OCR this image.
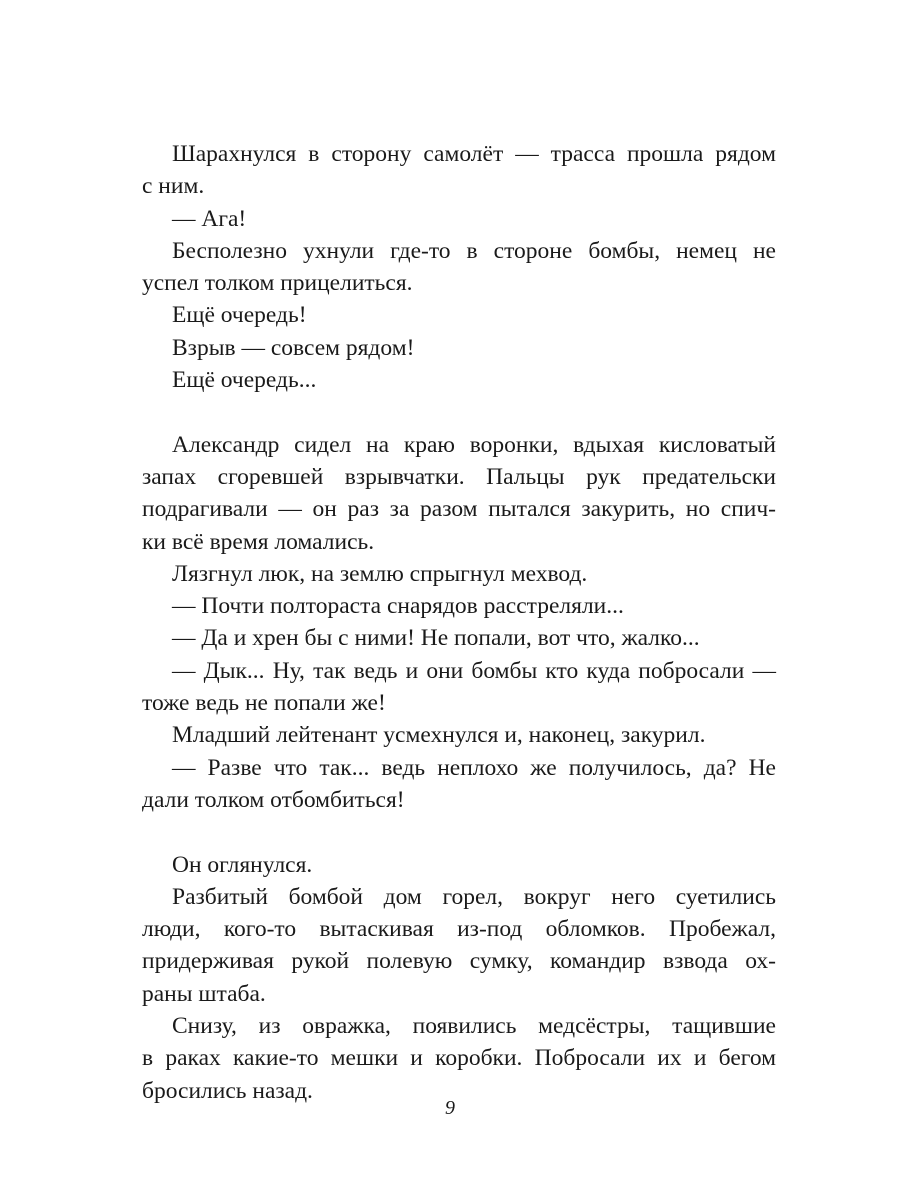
Шарахнулся в сторону самолёт — трасса прошла рядом
с ним.
— Ага!
Бесполезно ухнули где-то в стороне бомбы, немец не
успел толком прицелиться.
Ещё очередь!
Взрыв — совсем рядом!
Ещё очередь...
Александр сидел на краю воронки, вдыхая кисловатый
запах сгоревшей взрывчатки. Пальцы рук предательски
подрагивали — он раз за разом пытался закурить, но спич-
ки всё время ломались.
Лязгнул люк, на землю спрыгнул мехвод.
— Почти полтораста снарядов расстреляли...
— Да и хрен бы с ними! Не попали, вот что, жалко...
— Дык... Ну, так ведь и они бомбы кто куда побросали —
тоже ведь не попали же!
Младший лейтенант усмехнулся и, наконец, закурил.
— Разве что так... ведь неплохо же получилось, да? Не
дали толком отбомбиться!
Он оглянулся.
Разбитый бомбой дом горел, вокруг него суетились
люди, кого-то вытаскивая из-под обломков. Пробежал,
придерживая рукой полевую сумку, командир взвода ох-
раны штаба.
Снизу, из овражка, появились медсёстры, тащившие
в раках какие-то мешки и коробки. Побросали их и бегом
бросились назад.
9
